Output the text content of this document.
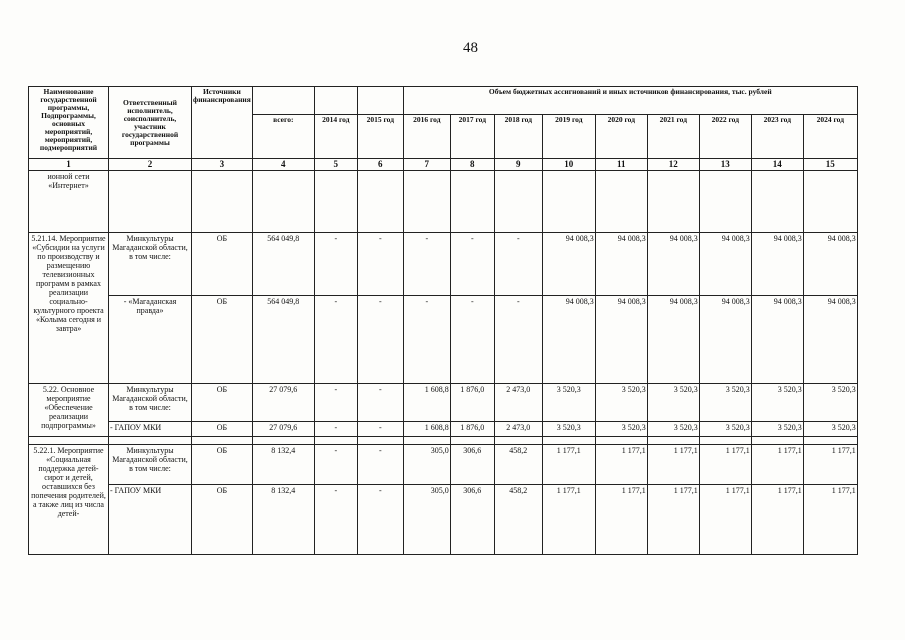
48
Наименование государственной программы, Подпрограммы, основных мероприятий, мероприятий, подмероприятий	Ответственный исполнитель, соисполнитель, участник государственной программы	Источники финансирования				Объем бюджетных ассигнований и иных источников финансирования, тыс. рублей								
			всего:	2014 год	2015 год	2016 год	2017 год	2018 год	2019 год	2020 год	2021 год	2022 год	2023 год	2024 год
1	2	3	4	5	6	7	8	9	10	11	12	13	14	15
ионной сети «Интернет»														
5.21.14. Мероприятие «Субсидии на услуги по производству и размещению телевизионных программ в рамках реализации социально-культурного проекта «Колыма сегодня и завтра»	Минкультуры Магаданской области, в том числе:	ОБ	564 049,8	-	-	-	-	-	94 008,3	94 008,3	94 008,3	94 008,3	94 008,3	94 008,3
	- «Магаданская правда»	ОБ	564 049,8	-	-	-	-	-	94 008,3	94 008,3	94 008,3	94 008,3	94 008,3	94 008,3
5.22. Основное мероприятие «Обеспечение реализации подпрограммы»	Минкультуры Магаданской области, в том числе:	ОБ	27 079,6	-	-	1 608,8	1 876,0	2 473,0	3 520,3	3 520,3	3 520,3	3 520,3	3 520,3	3 520,3
	- ГАПОУ МКИ	ОБ	27 079,6	-	-	1 608,8	1 876,0	2 473,0	3 520,3	3 520,3	3 520,3	3 520,3	3 520,3	3 520,3

5.22.1. Мероприятие «Социальная поддержка детей-сирот и детей, оставшихся без попечения родителей, а также лиц из числа детей-	Минкультуры Магаданской области, в том числе:	ОБ	8 132,4	-	-	305,0	306,6	458,2	1 177,1	1 177,1	1 177,1	1 177,1	1 177,1	1 177,1
	- ГАПОУ МКИ	ОБ	8 132,4	-	-	305,0	306,6	458,2	1 177,1	1 177,1	1 177,1	1 177,1	1 177,1	1 177,1
